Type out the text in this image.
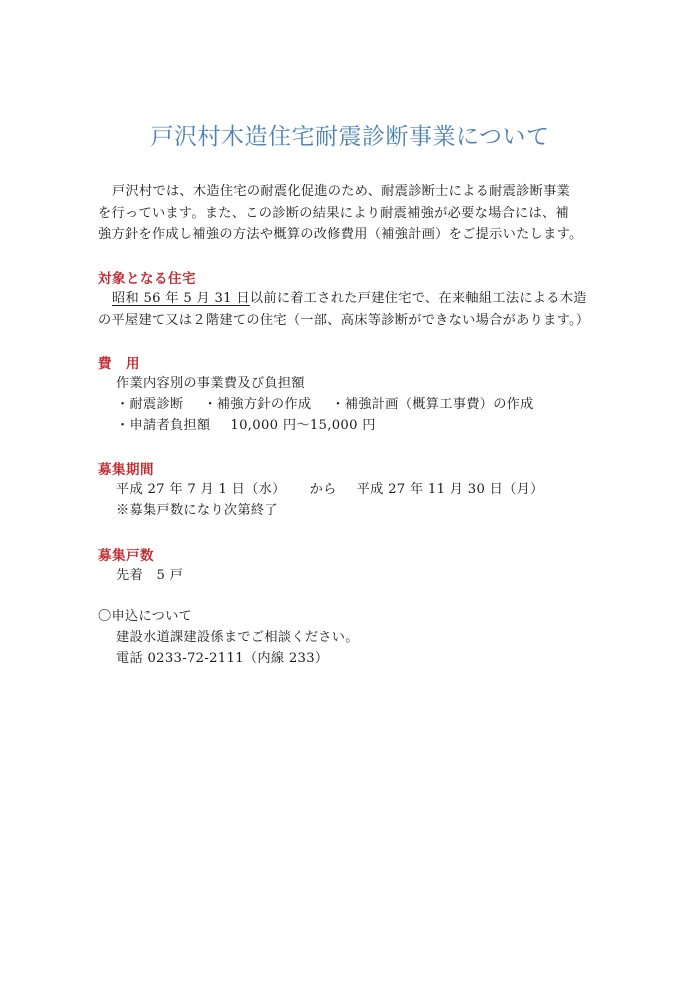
戸沢村木造住宅耐震診断事業について
戸沢村では、木造住宅の耐震化促進のため、耐震診断士による耐震診断事業
を行っています。また、この診断の結果により耐震補強が必要な場合には、補
強方針を作成し補強の方法や概算の改修費用（補強計画）をご提示いたします。
対象となる住宅
昭和 56 年 5 月 31 日以前に着工された戸建住宅で、在来軸組工法による木造
の平屋建て又は２階建ての住宅（一部、高床等診断ができない場合があります。）
費　用
作業内容別の事業費及び負担額
・耐震診断 ・補強方針の作成 ・補強計画（概算工事費）の作成
・申請者負担額 10,000 円～15,000 円
募集期間
平成 27 年 7 月 1 日（水） から 平成 27 年 11 月 30 日（月）
※募集戸数になり次第終了
募集戸数
先着　5 戸
〇申込について
建設水道課建設係までご相談ください。
電話 0233-72-2111（内線 233）
